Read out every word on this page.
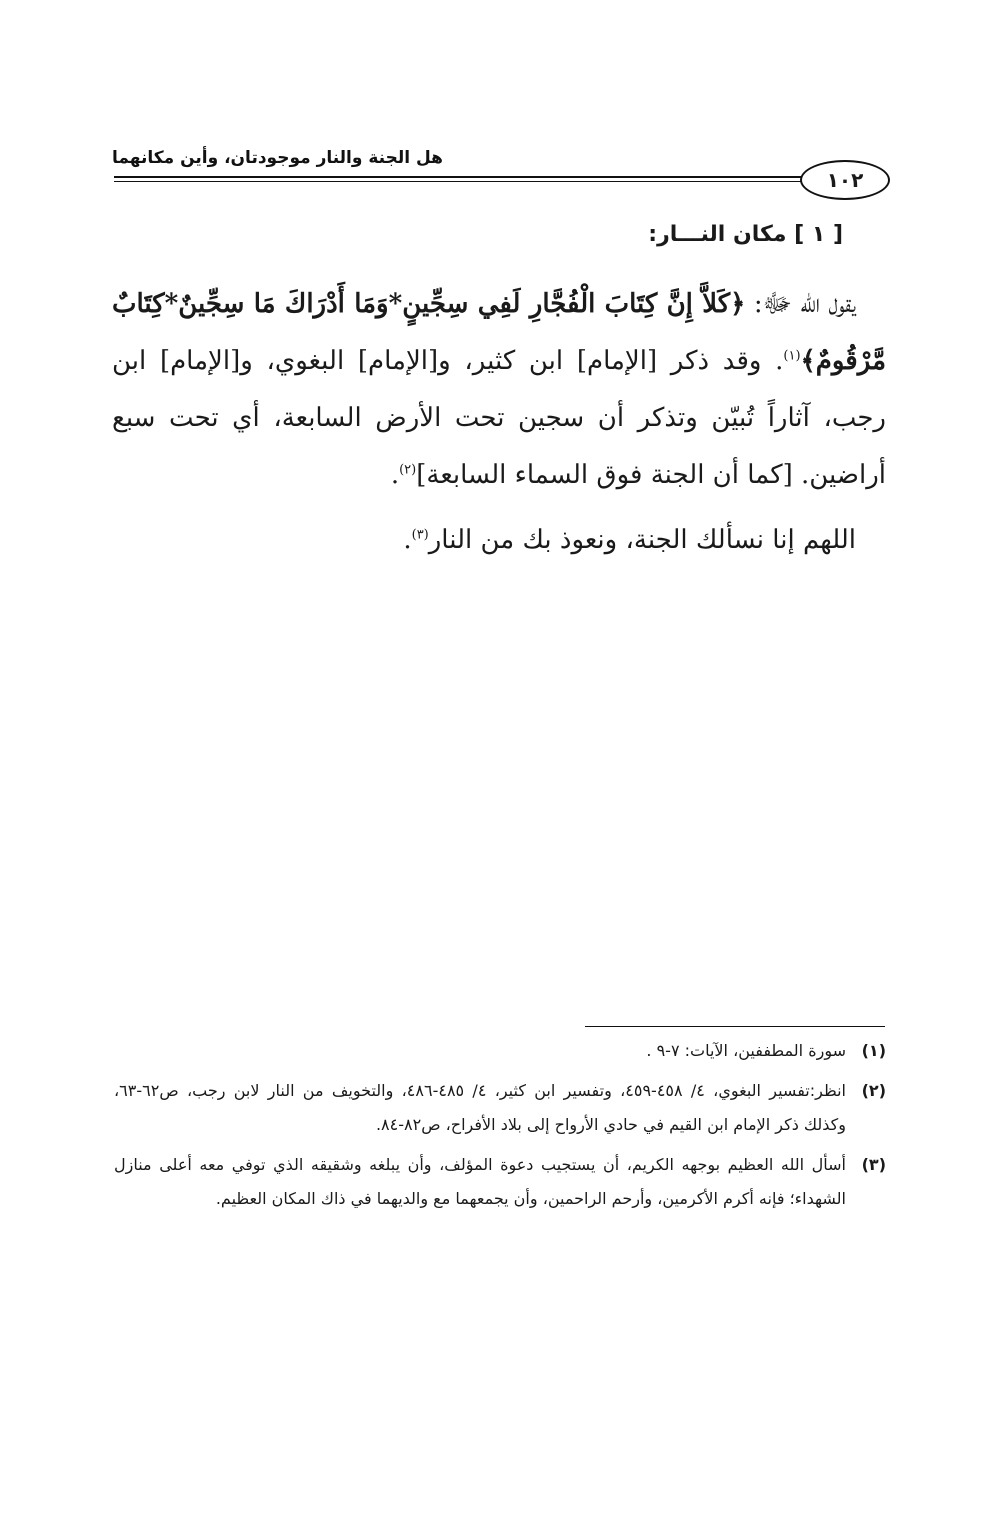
هل الجنة والنار موجودتان، وأين مكانهما
١٠٢
[ ١ ] مكان النـــار:

يقول الله ﷻ: ﴿كَلاَّ إِنَّ كِتَابَ الْفُجَّارِ لَفِي سِجِّينٍ*وَمَا أَدْرَاكَ مَا سِجِّينٌ*كِتَابٌ مَّرْقُومٌ﴾$^{(١)}$. وقد ذكر [الإمام] ابن كثير، و[الإمام] البغوي، و[الإمام] ابن رجب، آثاراً تُبيّن وتذكر أن سجين تحت الأرض السابعة، أي تحت سبع أراضين. [كما أن الجنة فوق السماء السابعة]$^{(٢)}$.

اللهم إنا نسألك الجنة، ونعوذ بك من النار$^{(٣)}$.

(١)
سورة المطففين، الآيات: ٧-٩ .
(٢)
انظر:تفسير البغوي، ٤/ ٤٥٨-٤٥٩، وتفسير ابن كثير، ٤/ ٤٨٥-٤٨٦، والتخويف من النار لابن رجب، ص٦٢-٦٣، وكذلك ذكر الإمام ابن القيم في حادي الأرواح إلى بلاد الأفراح، ص٨٢-٨٤.
(٣)
أسأل الله العظيم بوجهه الكريم، أن يستجيب دعوة المؤلف، وأن يبلغه وشقيقه الذي توفي معه أعلى منازل الشهداء؛ فإنه أكرم الأكرمين، وأرحم الراحمين، وأن يجمعهما مع والديهما في ذاك المكان العظيم.
